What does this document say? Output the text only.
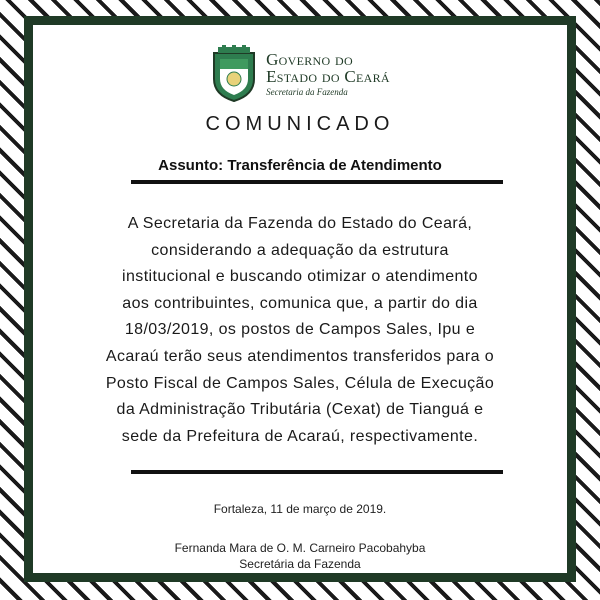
Governo do
Estado do Ceará
Secretaria da Fazenda
COMUNICADO
Assunto: Transferência de Atendimento
A Secretaria da Fazenda do Estado do Ceará,
considerando a adequação da estrutura
institucional e buscando otimizar o atendimento
aos contribuintes, comunica que, a partir do dia
18/03/2019, os postos de Campos Sales, Ipu e
Acaraú terão seus atendimentos transferidos para o
Posto Fiscal de Campos Sales, Célula de Execução
da Administração Tributária (Cexat) de Tianguá e
sede da Prefeitura de Acaraú, respectivamente.
Fortaleza, 11 de março de 2019.
Fernanda Mara de O. M. Carneiro Pacobahyba
Secretária da Fazenda
